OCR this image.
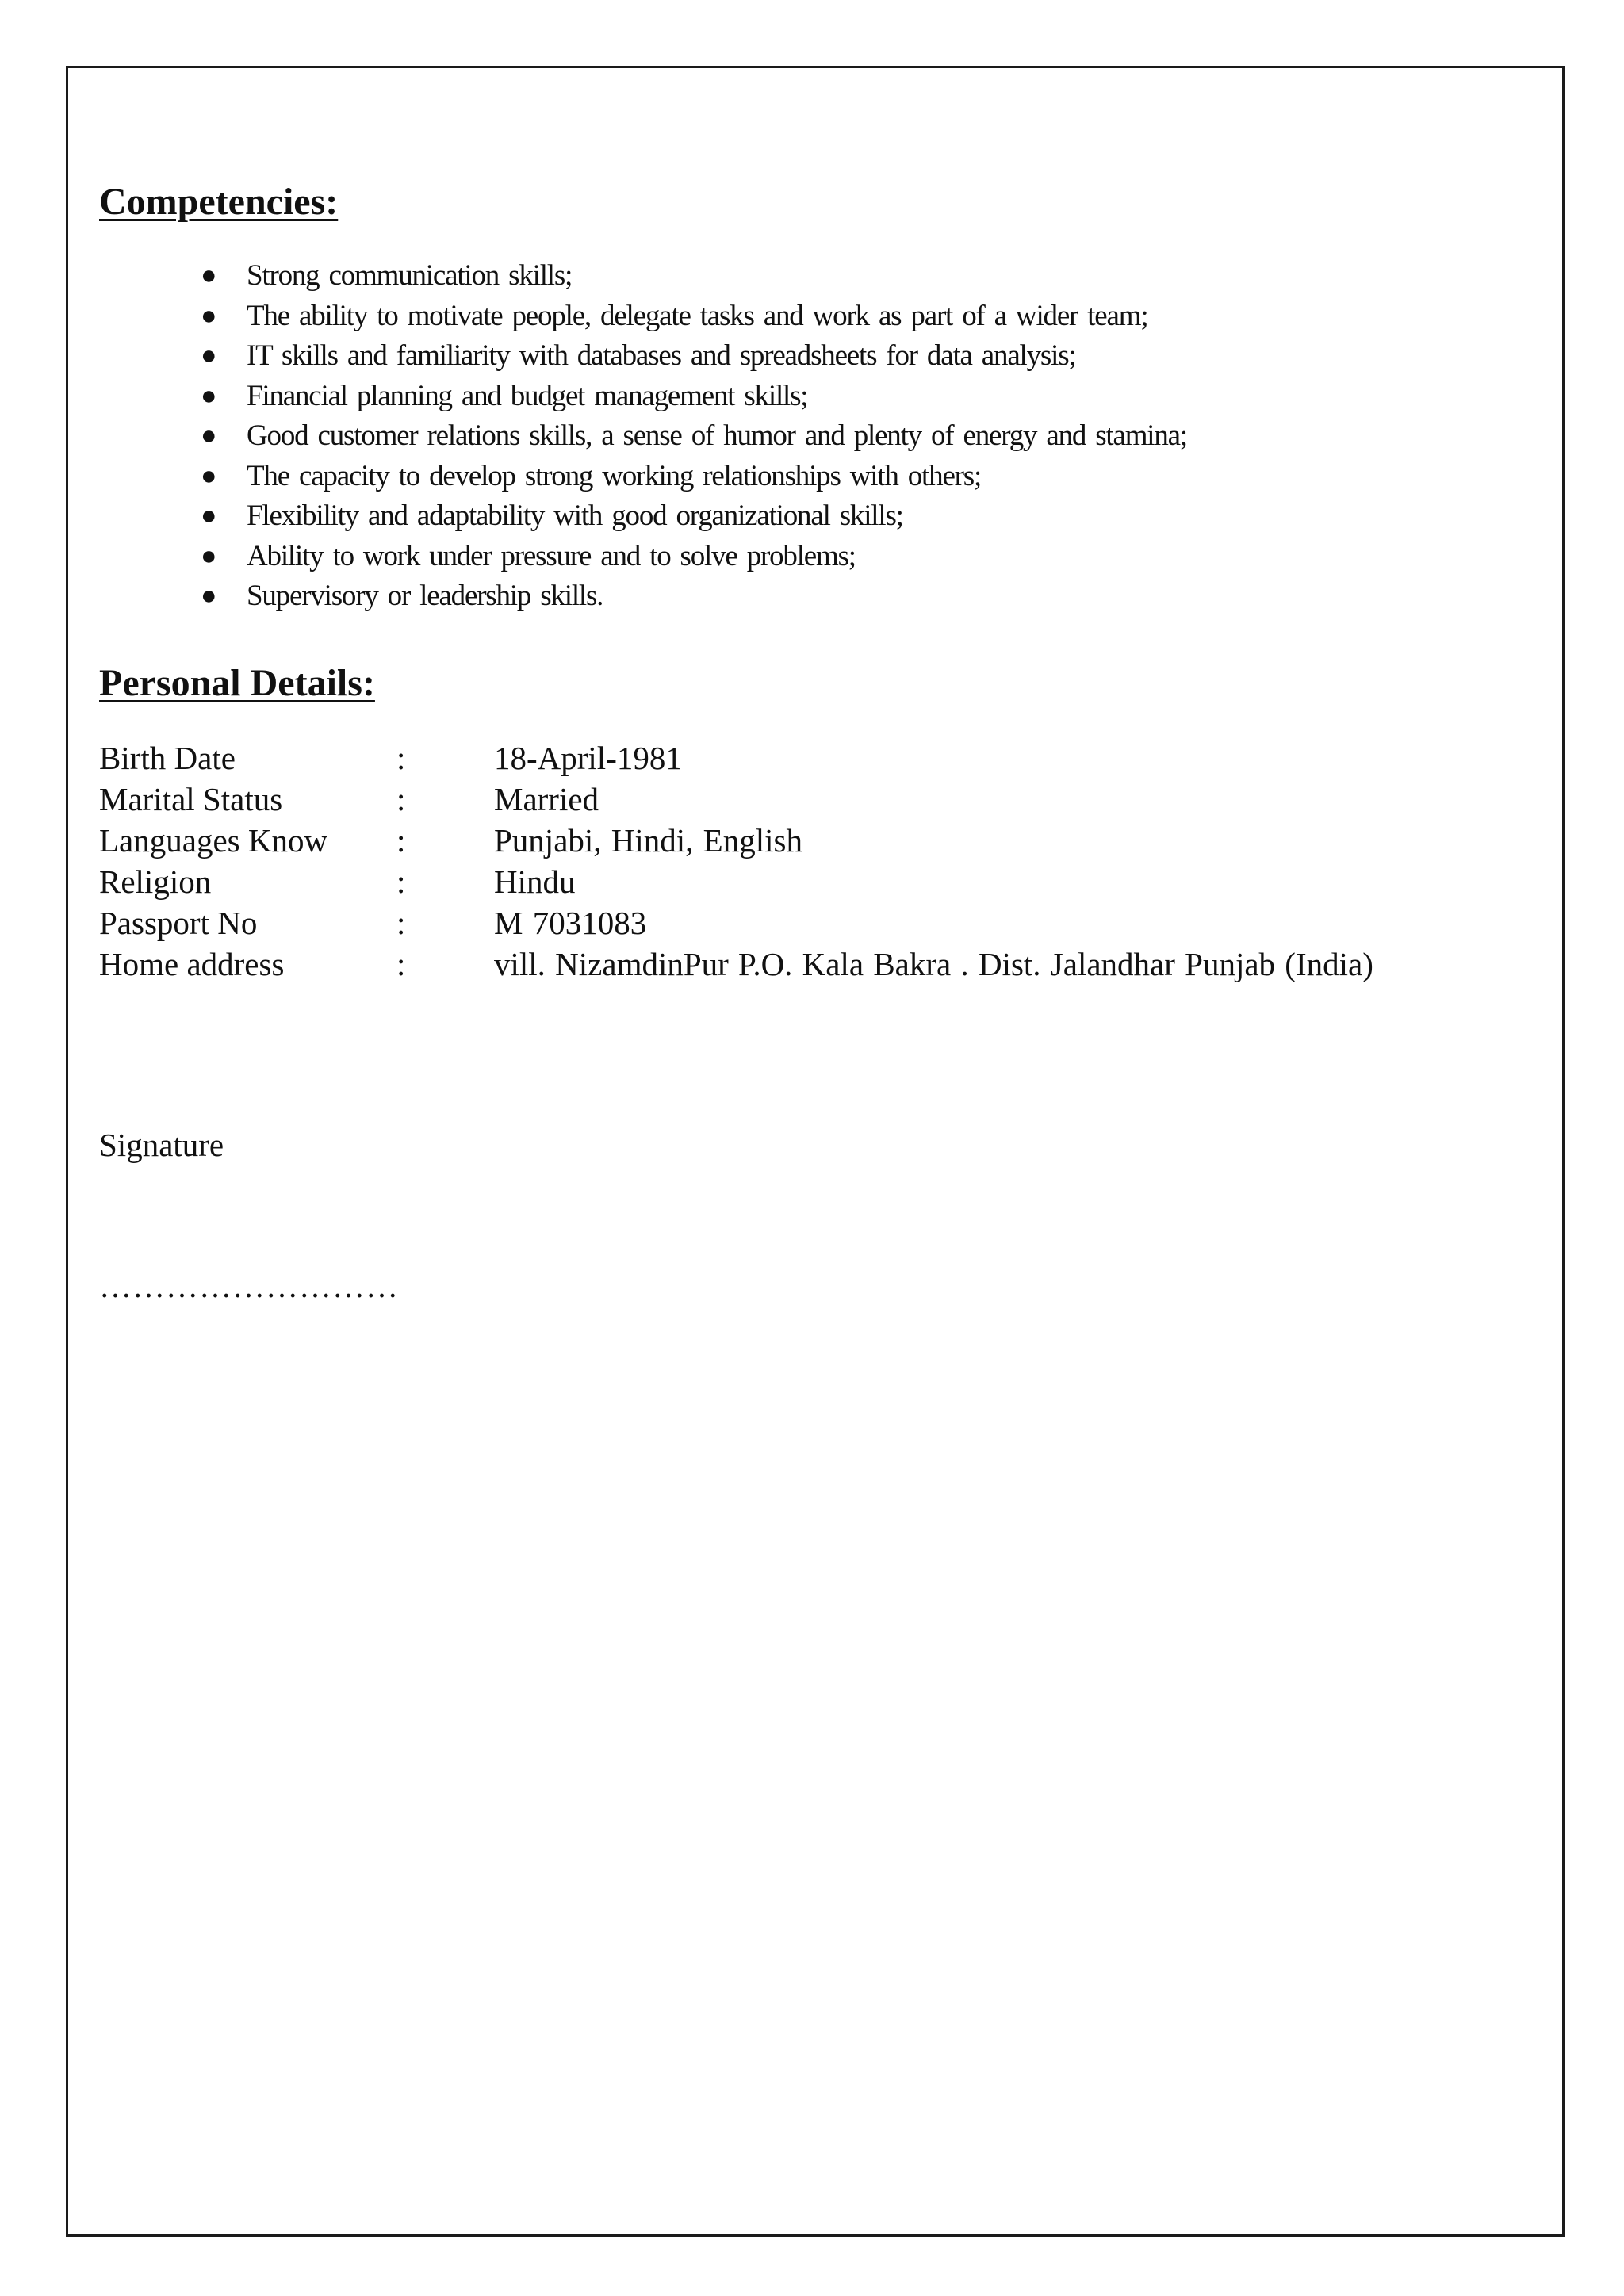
Competencies:
● Strong communication skills;
● The ability to motivate people, delegate tasks and work as part of a wider team;
● IT skills and familiarity with databases and spreadsheets for data analysis;
● Financial planning and budget management skills;
● Good customer relations skills, a sense of humor and plenty of energy and stamina;
● The capacity to develop strong working relationships with others;
● Flexibility and adaptability with good organizational skills;
● Ability to work under pressure and to solve problems;
● Supervisory or leadership skills.
Personal Details:
Birth Date	:	18-April-1981
Marital Status	:	Married
Languages Know	:	Punjabi, Hindi, English
Religion	:	Hindu
Passport No	:	M 7031083
Home address	:	vill. NizamdinPur P.O. Kala Bakra . Dist. Jalandhar Punjab (India)
Signature
………………………
